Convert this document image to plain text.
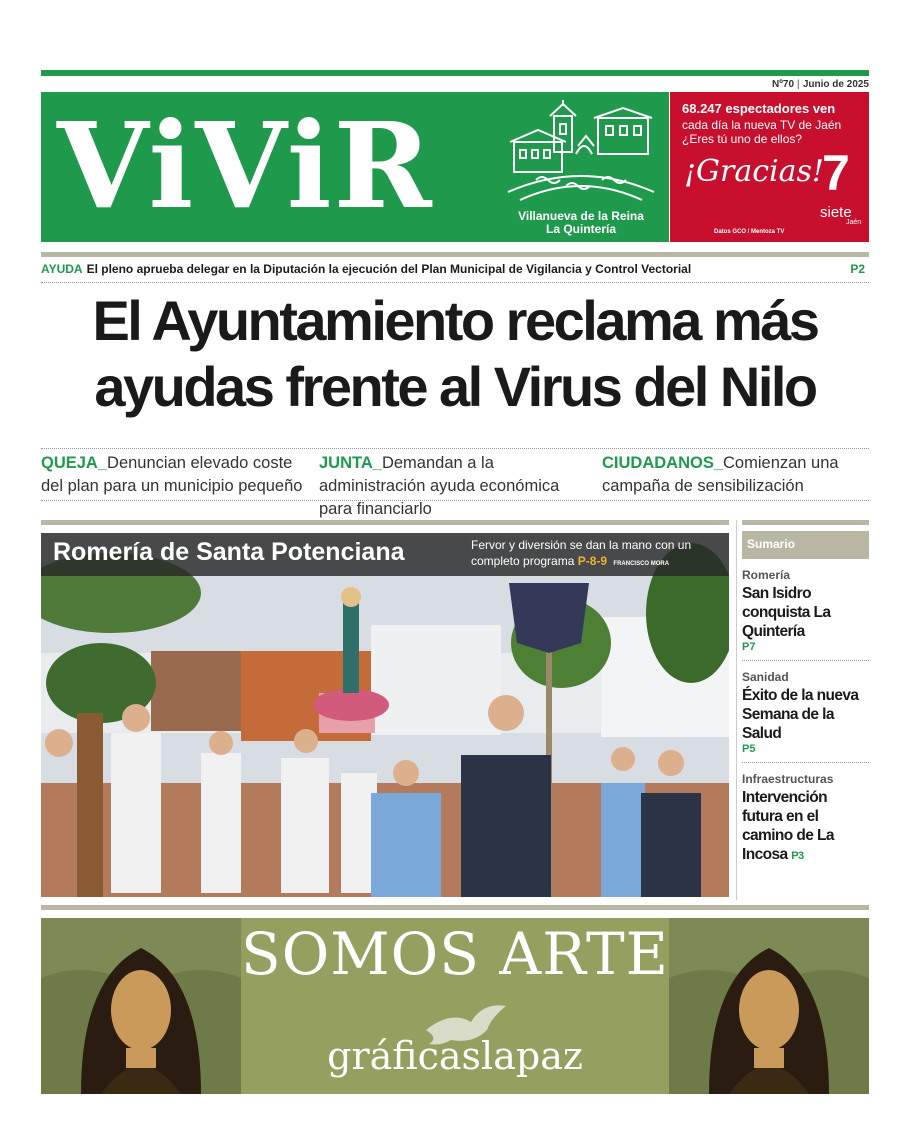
Nº70 | Junio de 2025
ViViR	Villanueva de la Reina
La Quintería
68.247 espectadores ven
cada día la nueva TV de Jaén
¿Eres tú uno de ellos?
¡Gracias!
7
siete
Jaén
Datos GCO / Mentoza TV
AYUDA El pleno aprueba delegar en la Diputación la ejecución del Plan Municipal de Vigilancia y Control Vectorial	P2
El Ayuntamiento reclama más
ayudas frente al Virus del Nilo
QUEJA_Denuncian elevado coste del plan para un municipio pequeño
JUNTA_Demandan a la administración ayuda económica para financiarlo
CIUDADANOS_Comienzan una campaña de sensibilización
Romería de Santa Potenciana	Fervor y diversión se dan la mano con un completo programa P-8-9 FRANCISCO MORA
Sumario
Romería
San Isidro conquista La Quintería
P7
Sanidad
Éxito de la nueva Semana de la Salud
P5
Infraestructuras
Intervención futura en el camino de La Incosa P3
SOMOS ARTE
gráficaslapaz
